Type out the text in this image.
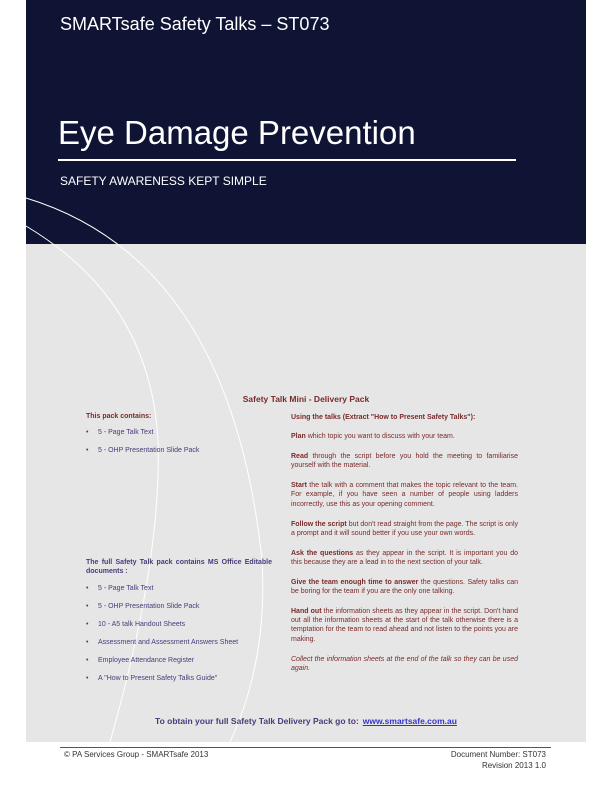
SMARTsafe Safety Talks – ST073
Eye Damage Prevention
SAFETY AWARENESS KEPT SIMPLE
Safety Talk Mini - Delivery Pack
This pack contains:
• 5 - Page Talk Text
• 5 - OHP Presentation Slide Pack
The full Safety Talk pack contains MS Office Editable documents :
• 5 - Page Talk Text
• 5 - OHP Presentation Slide Pack
• 10 - A5 talk Handout Sheets
• Assessment and Assessment Answers Sheet
• Employee Attendance Register
• A "How to Present Safety Talks Guide"

Using the talks (Extract "How to Present Safety Talks"):

Plan which topic you want to discuss with your team.

Read through the script before you hold the meeting to familiarise yourself with the material.

Start the talk with a comment that makes the topic relevant to the team. For example, if you have seen a number of people using ladders incorrectly, use this as your opening comment.

Follow the script but don't read straight from the page. The script is only a prompt and it will sound better if you use your own words.

Ask the questions as they appear in the script. It is important you do this because they are a lead in to the next section of your talk.

Give the team enough time to answer the questions. Safety talks can be boring for the team if you are the only one talking.

Hand out the information sheets as they appear in the script. Don't hand out all the information sheets at the start of the talk otherwise there is a temptation for the team to read ahead and not listen to the points you are making.

Collect the information sheets at the end of the talk so they can be used again.

To obtain your full Safety Talk Delivery Pack go to: www.smartsafe.com.au
© PA Services Group - SMARTsafe 2013	Document Number: ST073
Revision 2013 1.0
